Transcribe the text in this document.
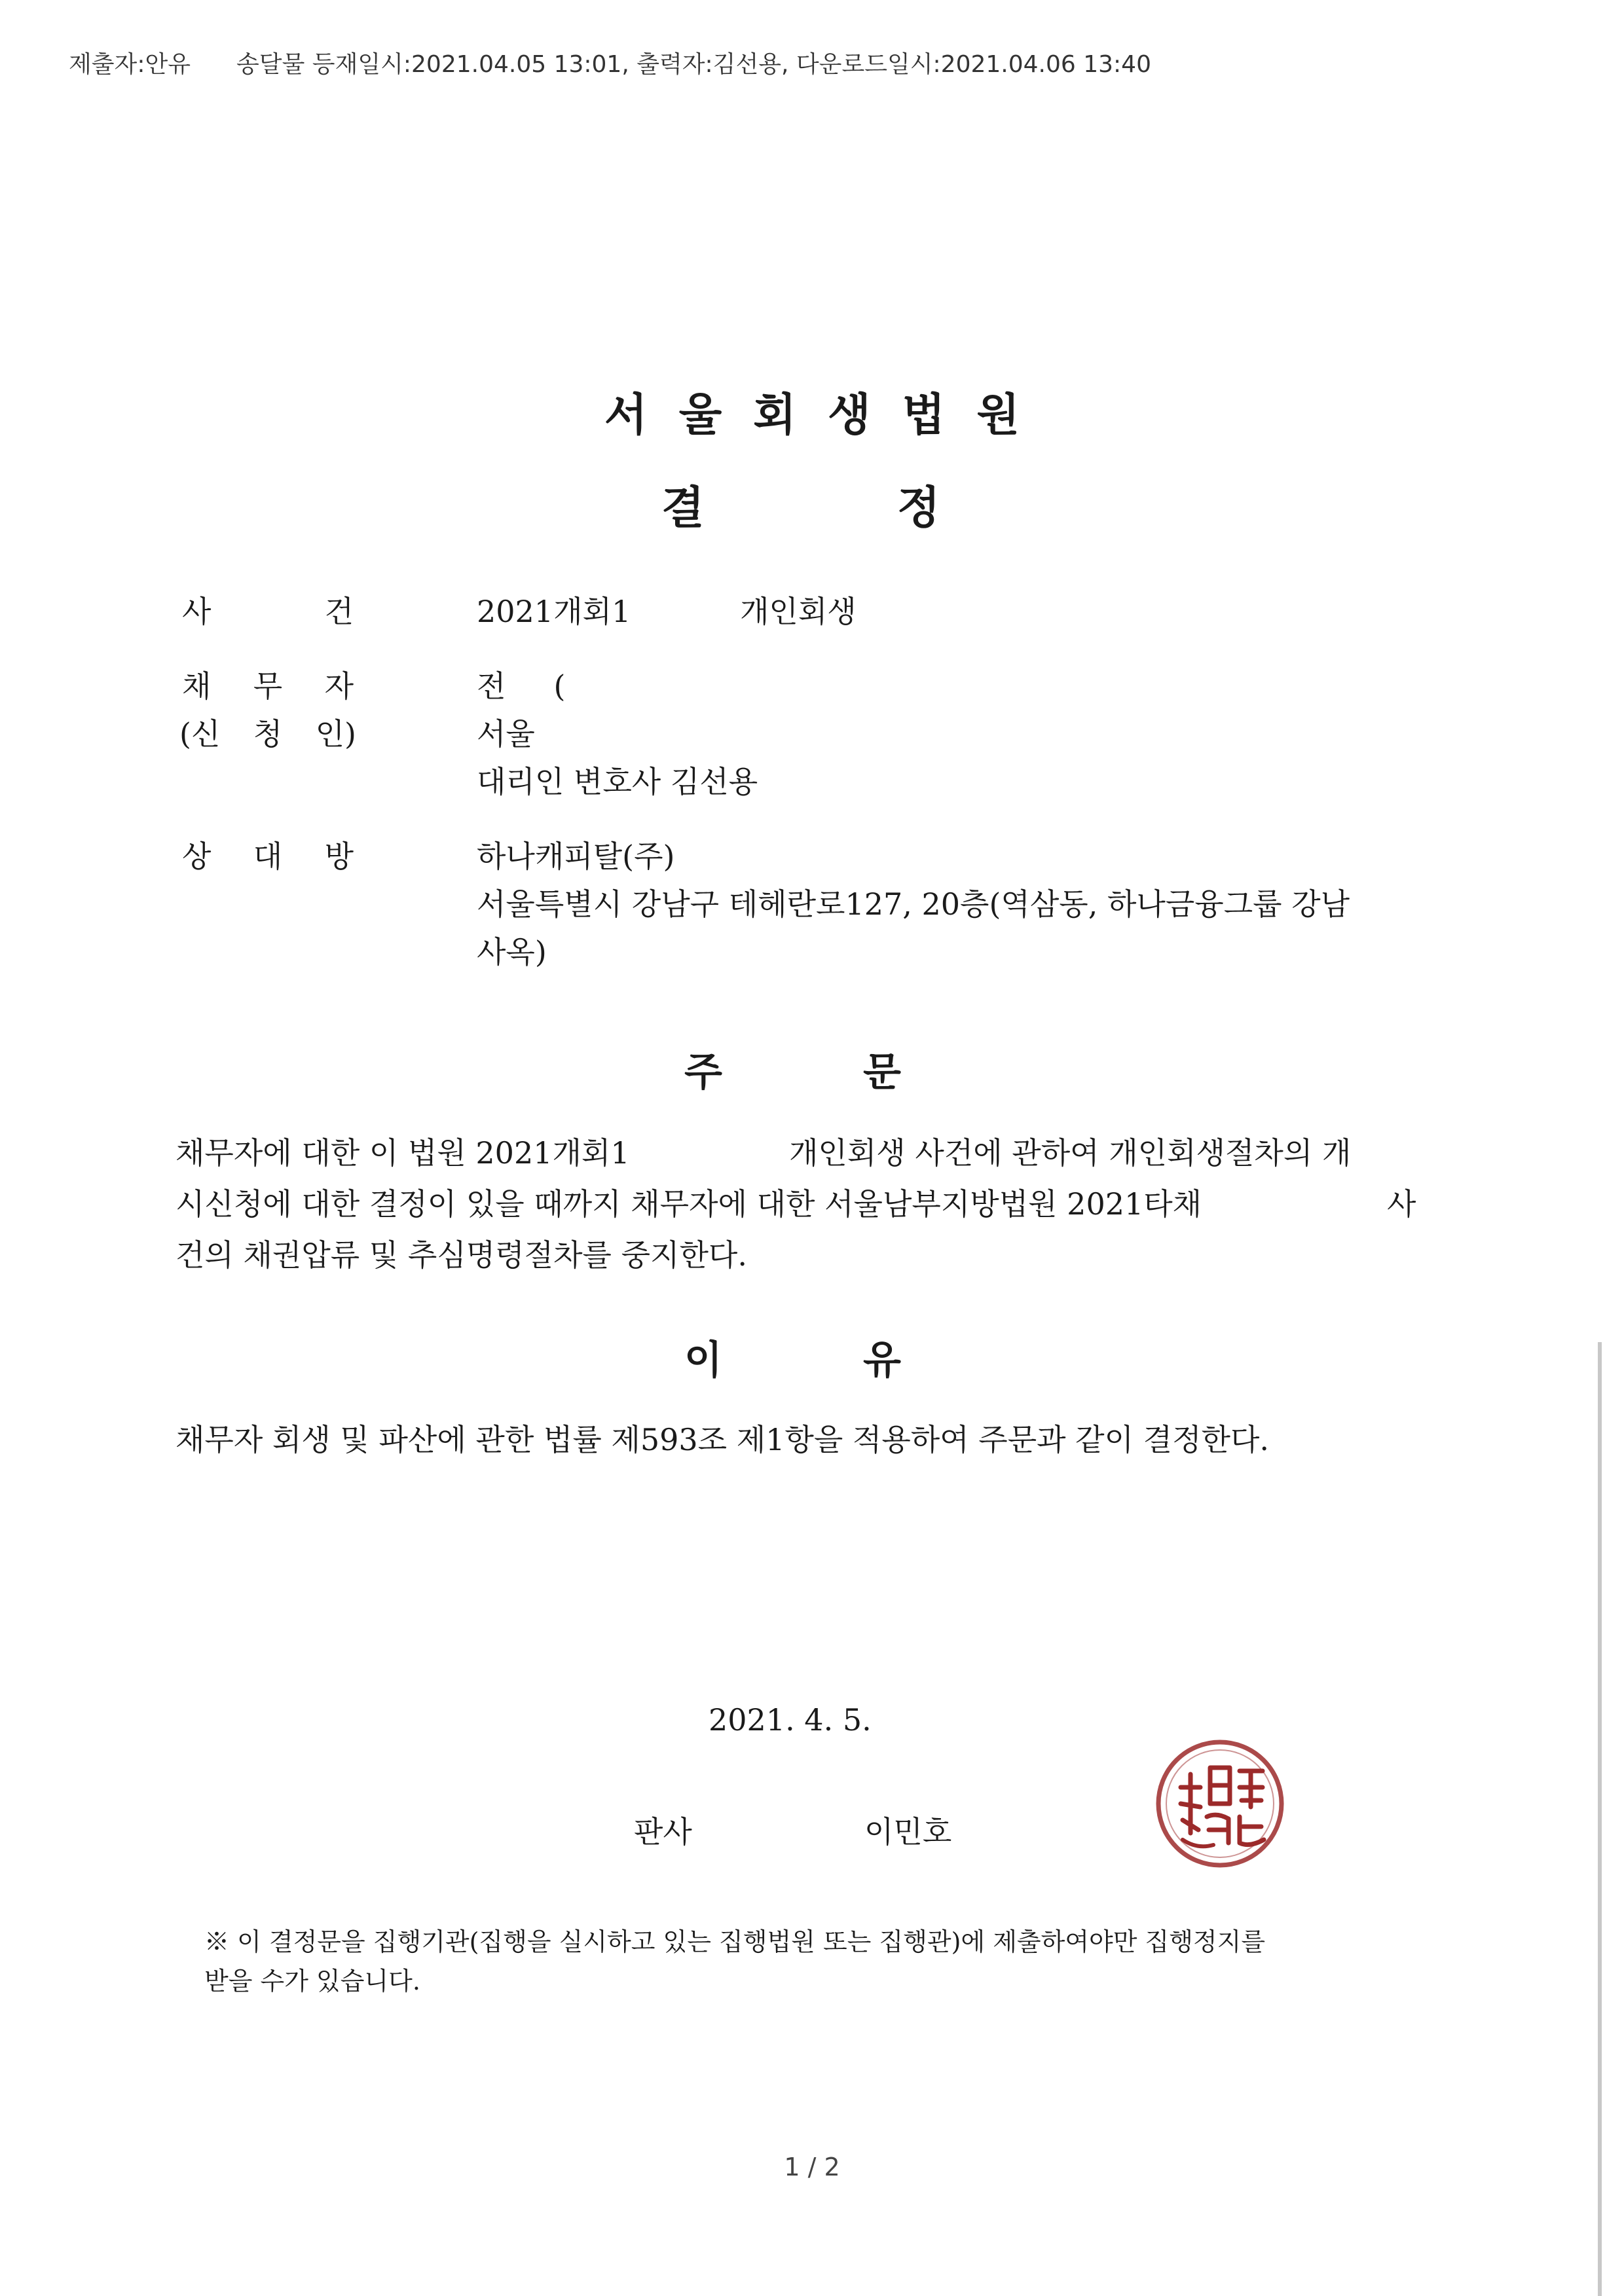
제출자:안유 송달물 등재일시:2021.04.05 13:01, 출력자:김선용, 다운로드일시:2021.04.06 13:40
서울회생법원
결	정
사	건	2021개회1	개인회생
채 무 자	전     (
(신 청 인)	서울
대리인 변호사 김선용
상 대 방	하나캐피탈(주)
서울특별시 강남구 테헤란로127, 20층(역삼동, 하나금융그룹 강남
사옥)
주	문
채무자에 대한 이 법원 2021개회1	개인회생 사건에 관하여 개인회생절차의 개
시신청에 대한 결정이 있을 때까지 채무자에 대한 서울남부지방법원 2021타채	사
건의 채권압류 및 추심명령절차를 중지한다.
이	유
채무자 회생 및 파산에 관한 법률 제593조 제1항을 적용하여 주문과 같이 결정한다.
2021. 4. 5.
판사	이민호
※ 이 결정문을 집행기관(집행을 실시하고 있는 집행법원 또는 집행관)에 제출하여야만 집행정지를
받을 수가 있습니다.
1 / 2
